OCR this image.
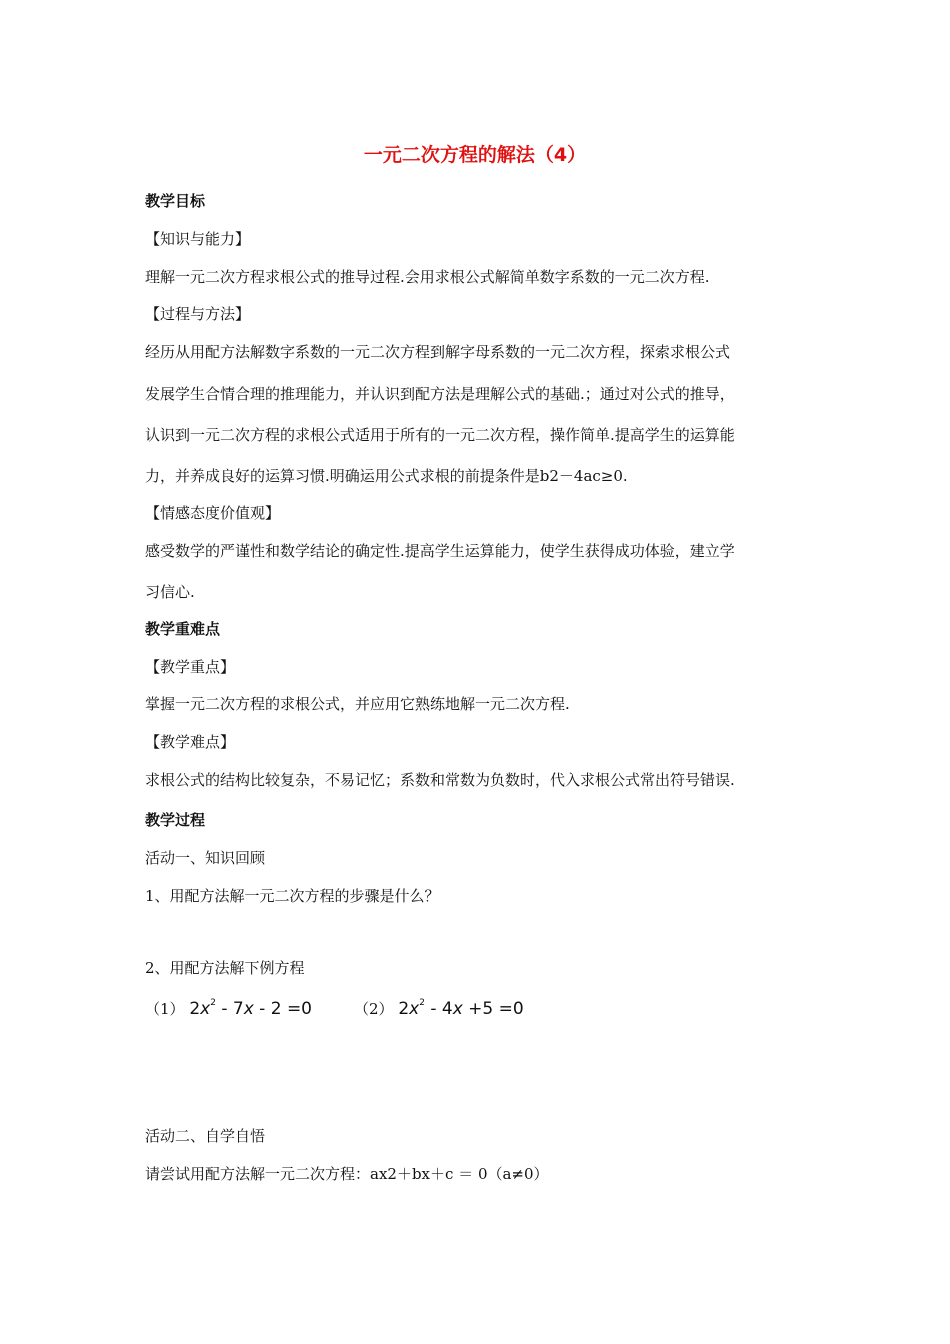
一元二次方程的解法（4）
教学目标
【知识与能力】
理解一元二次方程求根公式的推导过程.会用求根公式解简单数字系数的一元二次方程.
【过程与方法】
经历从用配方法解数字系数的一元二次方程到解字母系数的一元二次方程，探索求根公式
发展学生合情合理的推理能力，并认识到配方法是理解公式的基础.；通过对公式的推导，
认识到一元二次方程的求根公式适用于所有的一元二次方程，操作简单.提高学生的运算能
力，并养成良好的运算习惯.明确运用公式求根的前提条件是b2－4ac≥0.
【情感态度价值观】
感受数学的严谨性和数学结论的确定性.提高学生运算能力，使学生获得成功体验，建立学
习信心.
教学重难点
【教学重点】
掌握一元二次方程的求根公式，并应用它熟练地解一元二次方程.
【教学难点】
求根公式的结构比较复杂，不易记忆；系数和常数为负数时，代入求根公式常出符号错误.
教学过程
活动一、知识回顾
1、用配方法解一元二次方程的步骤是什么？
2、用配方法解下例方程
（1） $2x^2 - 7x - 2 =0$	（2） $2x^2 - 4x +5 =0$
活动二、自学自悟
请尝试用配方法解一元二次方程：ax2＋bx＋c ＝ 0（a≠0）
